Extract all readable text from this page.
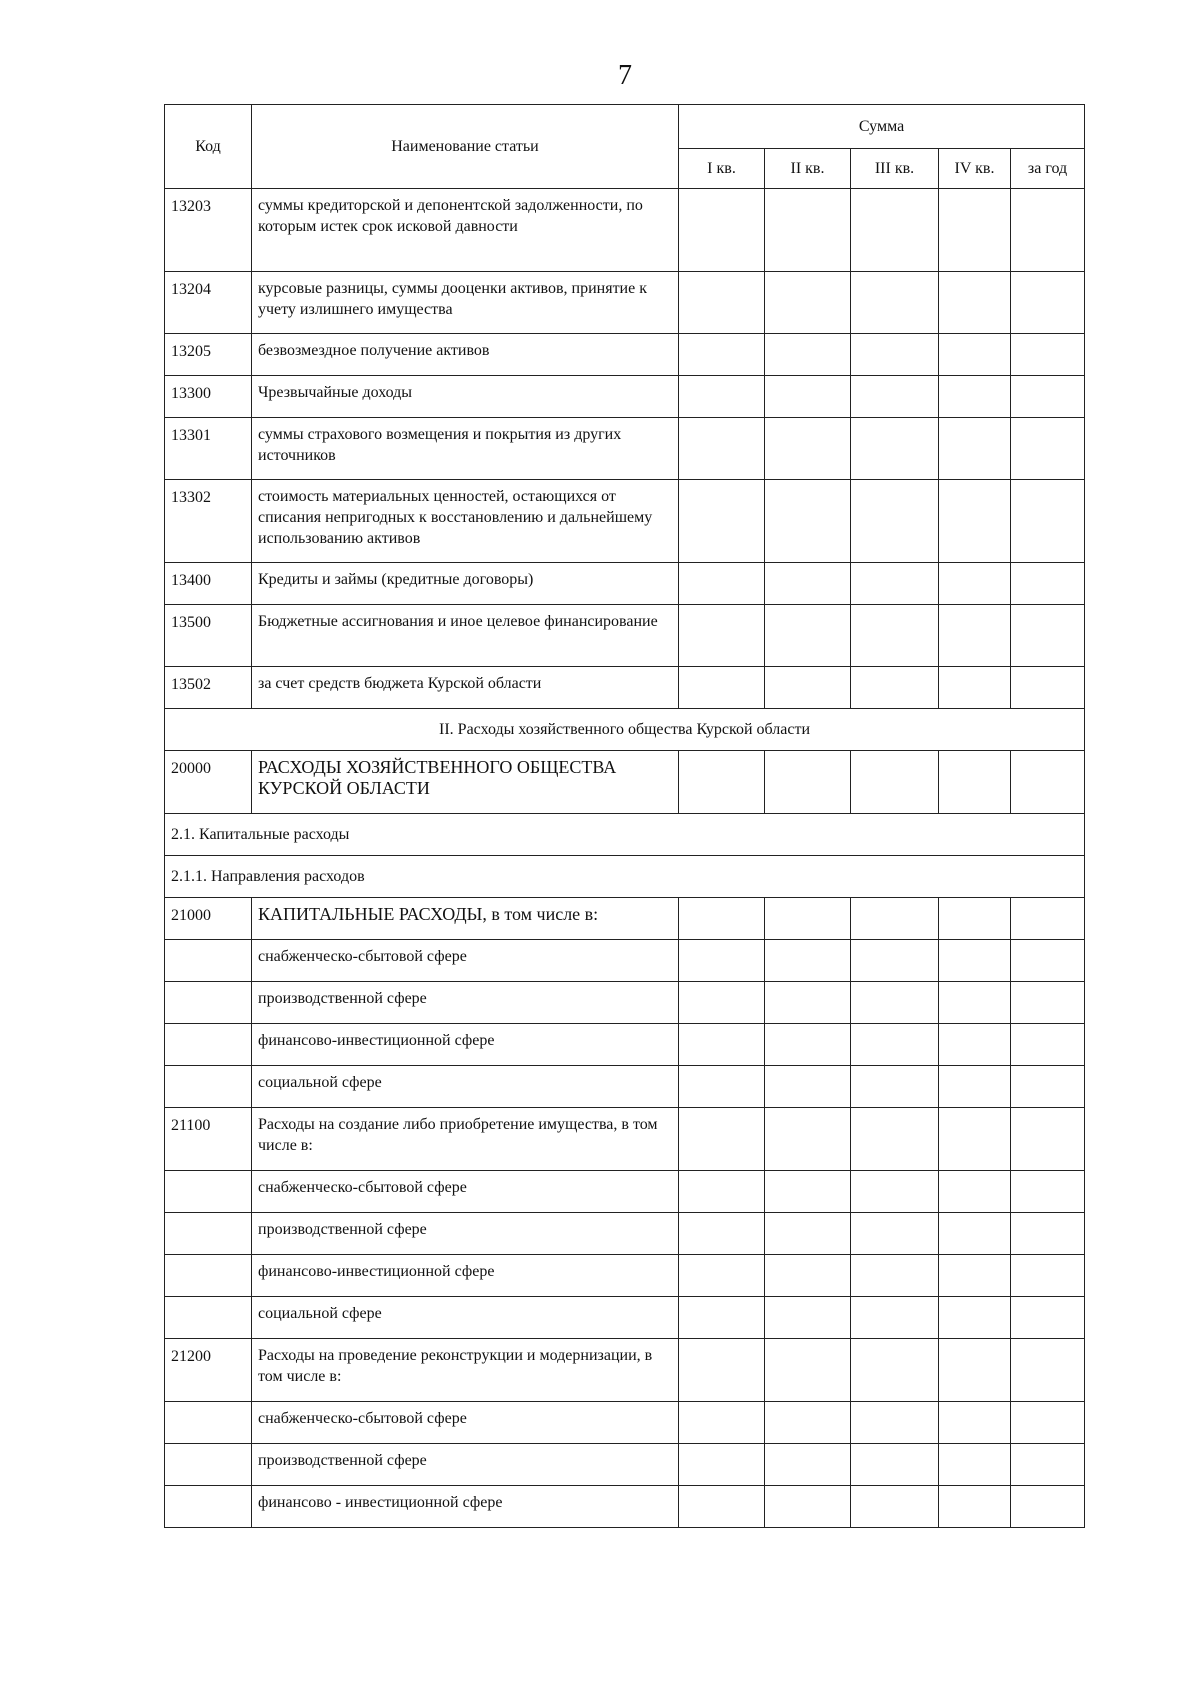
7
Код	Наименование статьи	Сумма				
		I кв.	II кв.	III кв.	IV кв.	за год
13203	суммы кредиторской и депонентской задолженности, по которым истек срок исковой давности					
13204	курсовые разницы, суммы дооценки активов, принятие к учету излишнего имущества					
13205	безвозмездное получение активов					
13300	Чрезвычайные доходы					
13301	суммы страхового возмещения и покрытия из других источников					
13302	стоимость материальных ценностей, остающихся от списания непригодных к восстановлению и дальнейшему использованию активов					
13400	Кредиты и займы (кредитные договоры)					
13500	Бюджетные ассигнования и иное целевое финансирование					
13502	за счет средств бюджета Курской области					
II. Расходы хозяйственного общества Курской области						
20000	РАСХОДЫ ХОЗЯЙСТВЕННОГО ОБЩЕСТВА КУРСКОЙ ОБЛАСТИ					
2.1. Капитальные расходы						
2.1.1. Направления расходов						
21000	КАПИТАЛЬНЫЕ РАСХОДЫ, в том числе в:					
	снабженческо-сбытовой сфере					
	производственной сфере					
	финансово-инвестиционной сфере					
	социальной сфере					
21100	Расходы на создание либо приобретение имущества, в том числе в:					
	снабженческо-сбытовой сфере					
	производственной сфере					
	финансово-инвестиционной сфере					
	социальной сфере					
21200	Расходы на проведение реконструкции и модернизации, в том числе в:					
	снабженческо-сбытовой сфере					
	производственной сфере					
	финансово - инвестиционной сфере					
